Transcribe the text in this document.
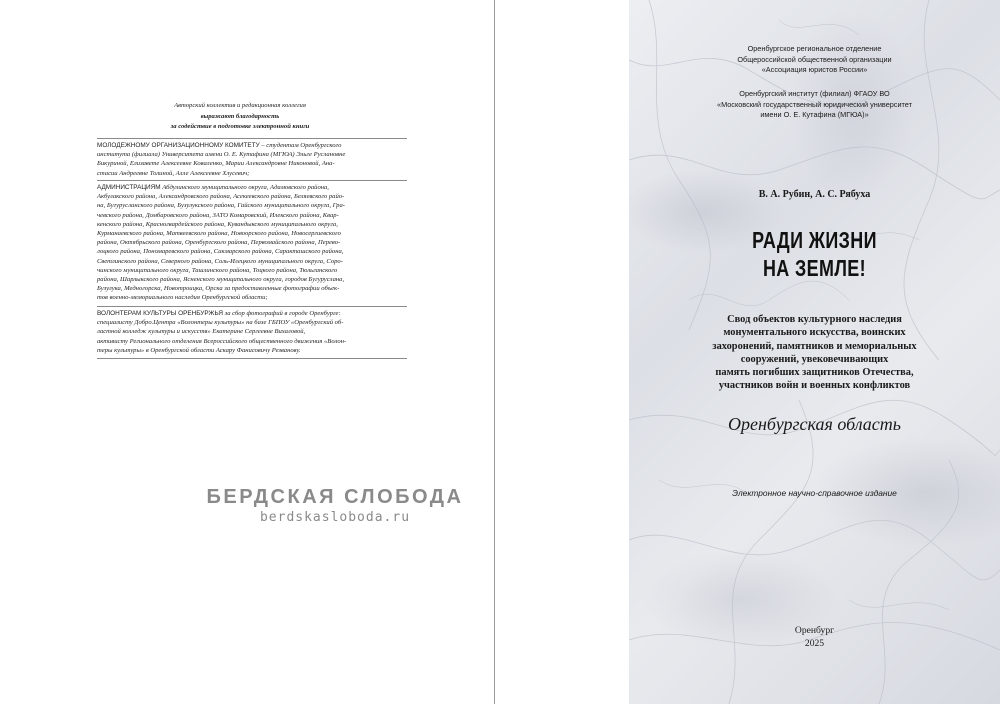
Авторский коллектив и редакционная коллегия
выражают благодарность
за содействие в подготовке электронной книги
МОЛОДЕЖНОМУ ОРГАНИЗАЦИОННОМУ КОМИТЕТУ – студентам Оренбургского
института (филиала) Университета имени О. Е. Кутафина (МГЮА) Эльге Руслановне
Бикуриной, Елизавете Алексеевне Коваленко, Марии Александровне Никоновой, Ана-
стасии Андреевне Толиной, Алле Алексеевне Хлусевич;
АДМИНИСТРАЦИЯМ Абдулинского муниципального округа, Адамовского района,
Акбулакского района, Александровского района, Асекеевского района, Беляевского райо-
на, Бугурусланского района, Бузулукского района, Гайского муниципального округа, Гра-
чевского района, Домбаровского района, ЗАТО Комаровский, Илекского района, Квар-
кенского района, Красногвардейского района, Кувандыкского муниципального округа,
Курманаевского района, Матвеевского района, Новоорского района, Новосергиевского
района, Октябрьского района, Оренбургского района, Первомайского района, Перево-
лоцкого района, Пономаревского района, Сакмарского района, Саракташского района,
Светлинского района, Северного района, Соль-Илецкого муниципального округа, Соро-
чинского муниципального округа, Ташлинского района, Тоцкого района, Тюльганского
района, Шарлыкского района, Ясненского муниципального округа, городов Бугуруслана,
Бузулука, Медногорска, Новотроицка, Орска за предоставленные фотографии объек-
тов военно-мемориального наследия Оренбургской области;
ВОЛОНТЕРАМ КУЛЬТУРЫ ОРЕНБУРЖЬЯ за сбор фотографий в городе Оренбурге:
специалисту Добро.Центра «Волонтеры культуры» на базе ГБПОУ «Оренбургский об-
ластной колледж культуры и искусств» Екатерине Сергеевне Вихаловой,
активисту Регионального отделения Всероссийского общественного движения «Волон-
теры культуры» в Оренбургской области Аскару Фанисовичу Резванову.
БЕРДСКАЯ СЛОБОДА
berdskasloboda.ru
Оренбургское региональное отделение
Общероссийской общественной организации
«Ассоциация юристов России»
Оренбургский институт (филиал) ФГАОУ ВО
«Московский государственный юридический университет
имени О. Е. Кутафина (МГЮА)»
В. А. Рубин, А. С. Рябуха
РАДИ ЖИЗНИ
НА ЗЕМЛЕ!
Свод объектов культурного наследия
монументального искусства, воинских
захоронений, памятников и мемориальных
сооружений, увековечивающих
память погибших защитников Отечества,
участников войн и военных конфликтов
Оренбургская область
Электронное научно-справочное издание
Оренбург
2025
